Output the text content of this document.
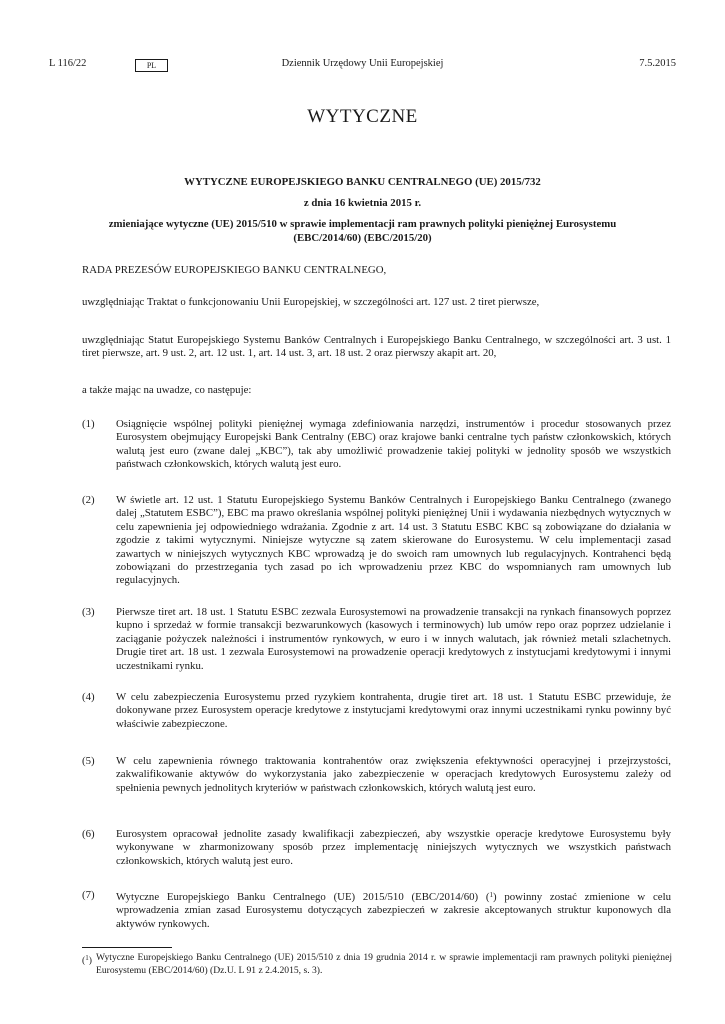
L 116/22	PL	Dziennik Urzędowy Unii Europejskiej	7.5.2015
WYTYCZNE

WYTYCZNE EUROPEJSKIEGO BANKU CENTRALNEGO (UE) 2015/732

z dnia 16 kwietnia 2015 r.

zmieniające wytyczne (UE) 2015/510 w sprawie implementacji ram prawnych polityki pieniężnej Eurosystemu (EBC/2014/60) (EBC/2015/20)

RADA PREZESÓW EUROPEJSKIEGO BANKU CENTRALNEGO,
uwzględniając Traktat o funkcjonowaniu Unii Europejskiej, w szczególności art. 127 ust. 2 tiret pierwsze,
uwzględniając Statut Europejskiego Systemu Banków Centralnych i Europejskiego Banku Centralnego, w szczególności art. 3 ust. 1 tiret pierwsze, art. 9 ust. 2, art. 12 ust. 1, art. 14 ust. 3, art. 18 ust. 2 oraz pierwszy akapit art. 20,
a także mając na uwadze, co następuje:
(1) Osiągnięcie wspólnej polityki pieniężnej wymaga zdefiniowania narzędzi, instrumentów i procedur stosowanych przez Eurosystem obejmujący Europejski Bank Centralny (EBC) oraz krajowe banki centralne tych państw członkowskich, których walutą jest euro (zwane dalej „KBC”), tak aby umożliwić prowadzenie takiej polityki w jednolity sposób we wszystkich państwach członkowskich, których walutą jest euro.
(2) W świetle art. 12 ust. 1 Statutu Europejskiego Systemu Banków Centralnych i Europejskiego Banku Centralnego (zwanego dalej „Statutem ESBC”), EBC ma prawo określania wspólnej polityki pieniężnej Unii i wydawania niezbędnych wytycznych w celu zapewnienia jej odpowiedniego wdrażania. Zgodnie z art. 14 ust. 3 Statutu ESBC KBC są zobowiązane do działania w zgodzie z takimi wytycznymi. Niniejsze wytyczne są zatem skierowane do Eurosystemu. W celu implementacji zasad zawartych w niniejszych wytycznych KBC wprowadzą je do swoich ram umownych lub regulacyjnych. Kontrahenci będą zobowiązani do przestrzegania tych zasad po ich wprowadzeniu przez KBC do wspomnianych ram umownych lub regulacyjnych.
(3) Pierwsze tiret art. 18 ust. 1 Statutu ESBC zezwala Eurosystemowi na prowadzenie transakcji na rynkach finansowych poprzez kupno i sprzedaż w formie transakcji bezwarunkowych (kasowych i terminowych) lub umów repo oraz poprzez udzielanie i zaciąganie pożyczek należności i instrumentów rynkowych, w euro i w innych walutach, jak również metali szlachetnych. Drugie tiret art. 18 ust. 1 zezwala Eurosystemowi na prowadzenie operacji kredytowych z instytucjami kredytowymi i innymi uczestnikami rynku.
(4) W celu zabezpieczenia Eurosystemu przed ryzykiem kontrahenta, drugie tiret art. 18 ust. 1 Statutu ESBC przewiduje, że dokonywane przez Eurosystem operacje kredytowe z instytucjami kredytowymi oraz innymi uczestnikami rynku powinny być właściwie zabezpieczone.
(5) W celu zapewnienia równego traktowania kontrahentów oraz zwiększenia efektywności operacyjnej i przejrzystości, zakwalifikowanie aktywów do wykorzystania jako zabezpieczenie w operacjach kredytowych Eurosystemu zależy od spełnienia pewnych jednolitych kryteriów w państwach członkowskich, których walutą jest euro.
(6) Eurosystem opracował jednolite zasady kwalifikacji zabezpieczeń, aby wszystkie operacje kredytowe Eurosystemu były wykonywane w zharmonizowany sposób przez implementację niniejszych wytycznych we wszystkich państwach członkowskich, których walutą jest euro.
(7) Wytyczne Europejskiego Banku Centralnego (UE) 2015/510 (EBC/2014/60) ($^1$) powinny zostać zmienione w celu wprowadzenia zmian zasad Eurosystemu dotyczących zabezpieczeń w zakresie akceptowanych struktur kuponowych dla aktywów rynkowych.
($^1$) Wytyczne Europejskiego Banku Centralnego (UE) 2015/510 z dnia 19 grudnia 2014 r. w sprawie implementacji ram prawnych polityki pieniężnej Eurosystemu (EBC/2014/60) (Dz.U. L 91 z 2.4.2015, s. 3).
